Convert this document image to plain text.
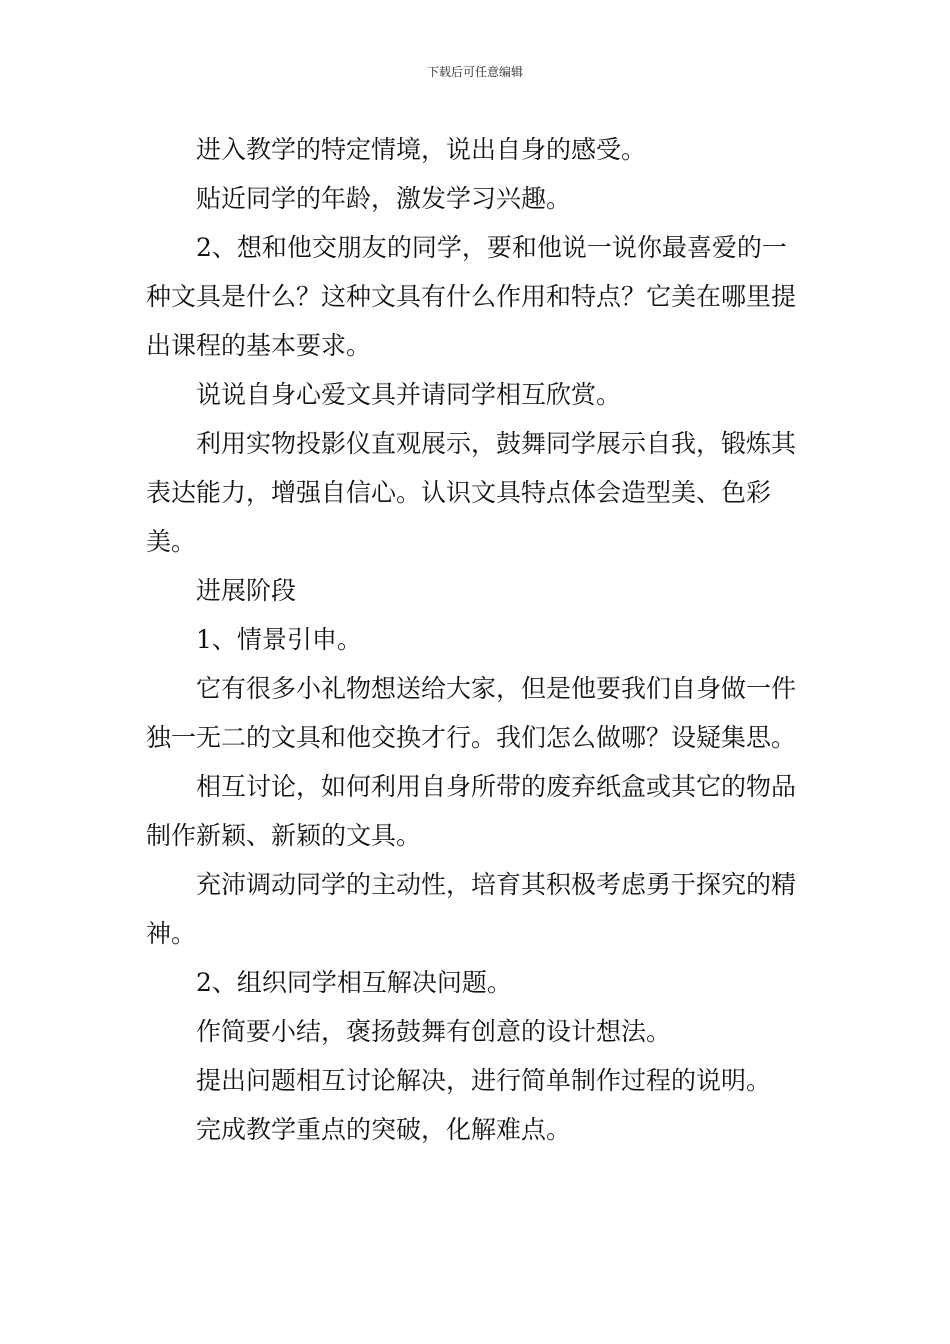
下载后可任意编辑

进入教学的特定情境，说出自身的感受。

贴近同学的年龄，激发学习兴趣。

2、想和他交朋友的同学，要和他说一说你最喜爱的一种文具是什么？这种文具有什么作用和特点？它美在哪里提出课程的基本要求。

说说自身心爱文具并请同学相互欣赏。

利用实物投影仪直观展示，鼓舞同学展示自我，锻炼其表达能力，增强自信心。认识文具特点体会造型美、色彩美。

进展阶段

1、情景引申。

它有很多小礼物想送给大家，但是他要我们自身做一件独一无二的文具和他交换才行。我们怎么做哪？设疑集思。

相互讨论，如何利用自身所带的废弃纸盒或其它的物品制作新颖、新颖的文具。

充沛调动同学的主动性，培育其积极考虑勇于探究的精神。

2、组织同学相互解决问题。

作简要小结，褒扬鼓舞有创意的设计想法。

提出问题相互讨论解决，进行简单制作过程的说明。

完成教学重点的突破，化解难点。
